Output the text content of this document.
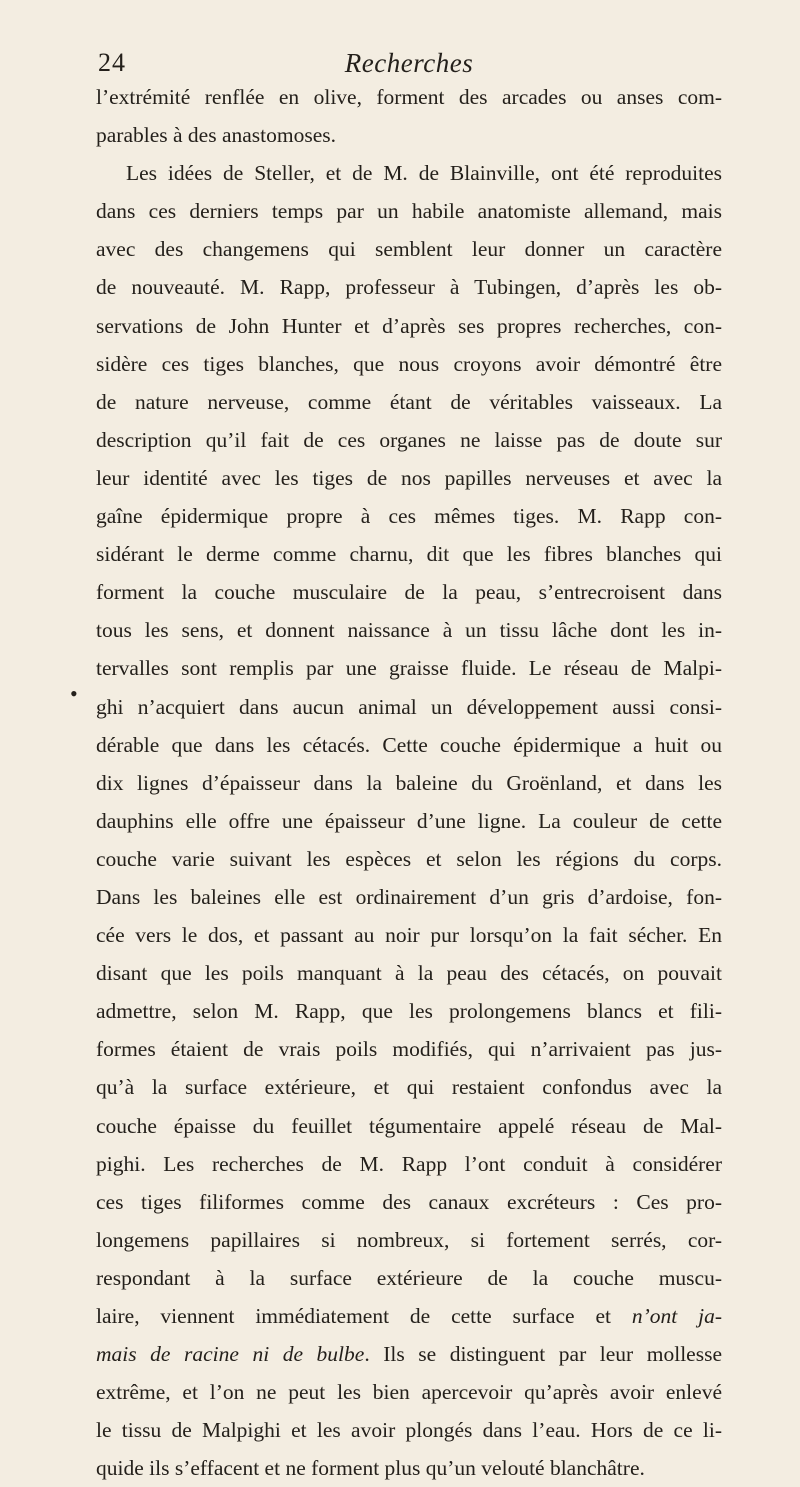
24	Recherches
•
l’extrémité renflée en olive, forment des arcades ou anses com-
parables à des anastomoses.
Les idées de Steller, et de M. de Blainville, ont été reproduites
dans ces derniers temps par un habile anatomiste allemand, mais
avec des changemens qui semblent leur donner un caractère
de nouveauté. M. Rapp, professeur à Tubingen, d’après les ob-
servations de John Hunter et d’après ses propres recherches, con-
sidère ces tiges blanches, que nous croyons avoir démontré être
de nature nerveuse, comme étant de véritables vaisseaux. La
description qu’il fait de ces organes ne laisse pas de doute sur
leur identité avec les tiges de nos papilles nerveuses et avec la
gaîne épidermique propre à ces mêmes tiges. M. Rapp con-
sidérant le derme comme charnu, dit que les fibres blanches qui
forment la couche musculaire de la peau, s’entrecroisent dans
tous les sens, et donnent naissance à un tissu lâche dont les in-
tervalles sont remplis par une graisse fluide. Le réseau de Malpi-
ghi n’acquiert dans aucun animal un développement aussi consi-
dérable que dans les cétacés. Cette couche épidermique a huit ou
dix lignes d’épaisseur dans la baleine du Groënland, et dans les
dauphins elle offre une épaisseur d’une ligne. La couleur de cette
couche varie suivant les espèces et selon les régions du corps.
Dans les baleines elle est ordinairement d’un gris d’ardoise, fon-
cée vers le dos, et passant au noir pur lorsqu’on la fait sécher. En
disant que les poils manquant à la peau des cétacés, on pouvait
admettre, selon M. Rapp, que les prolongemens blancs et fili-
formes étaient de vrais poils modifiés, qui n’arrivaient pas jus-
qu’à la surface extérieure, et qui restaient confondus avec la
couche épaisse du feuillet tégumentaire appelé réseau de Mal-
pighi. Les recherches de M. Rapp l’ont conduit à considérer
ces tiges filiformes comme des canaux excréteurs : Ces pro-
longemens papillaires si nombreux, si fortement serrés, cor-
respondant à la surface extérieure de la couche muscu-
laire, viennent immédiatement de cette surface et n’ont ja-
mais de racine ni de bulbe. Ils se distinguent par leur mollesse
extrême, et l’on ne peut les bien apercevoir qu’après avoir enlevé
le tissu de Malpighi et les avoir plongés dans l’eau. Hors de ce li-
quide ils s’effacent et ne forment plus qu’un velouté blanchâtre.
